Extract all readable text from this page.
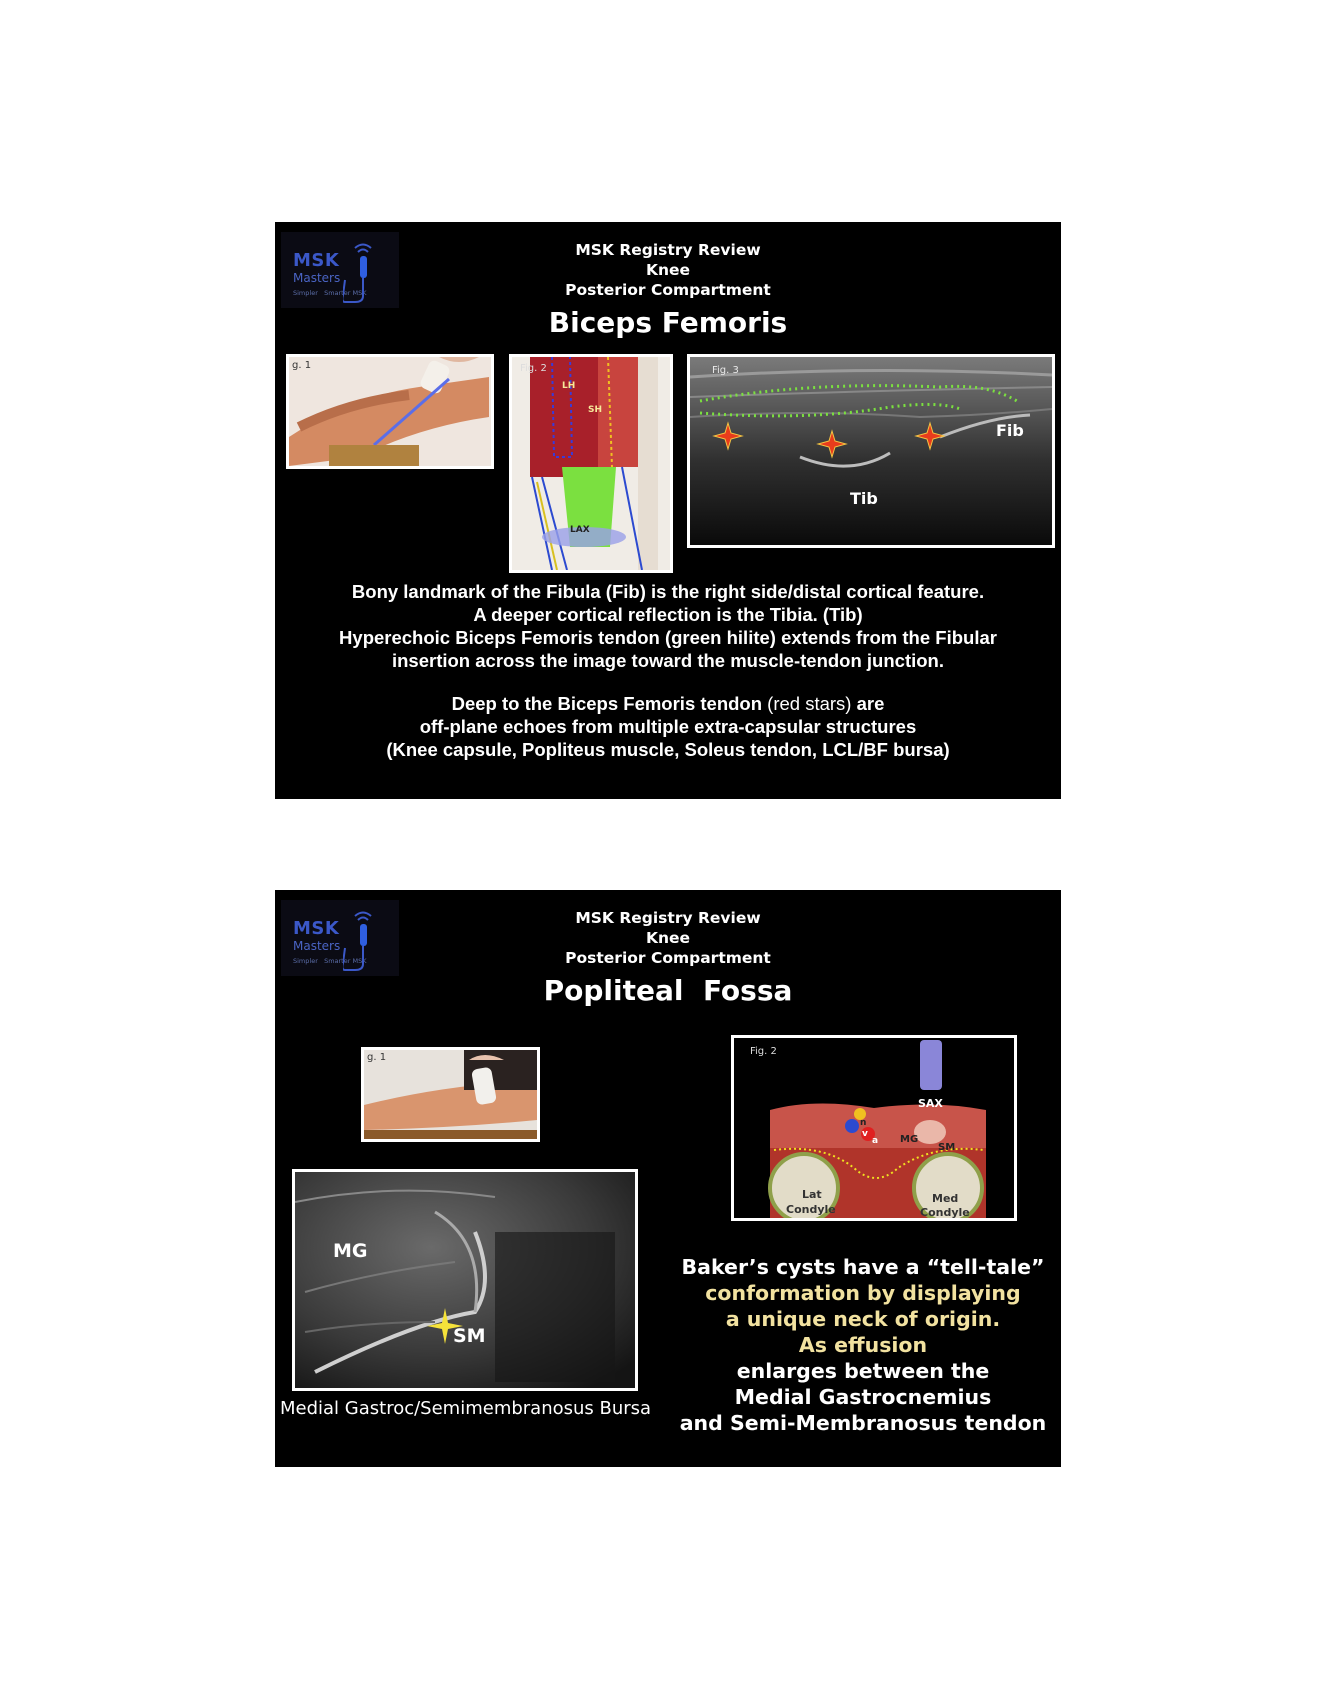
MSK
Masters
Simpler   Smarter MSK
MSK Registry Review
Knee
Posterior Compartment
Biceps Femoris
g. 1	Fig. 2
LH
SH
LAX
Fig. 3
Fib
Tib
Bony landmark of the Fibula (Fib) is the right side/distal cortical feature.
A deeper cortical reflection is the Tibia. (Tib)
Hyperechoic Biceps Femoris tendon (green hilite) extends from the Fibular
insertion across the image toward the muscle-tendon junction.
Deep to the Biceps Femoris tendon (red stars) are
off-plane echoes from multiple extra-capsular structures
(Knee capsule, Popliteus muscle, Soleus tendon, LCL/BF bursa)
MSK
Masters
Simpler   Smarter MSK
MSK Registry Review
Knee
Posterior Compartment
Popliteal  Fossa
g. 1
MG
SM
Medial Gastroc/Semimembranosus Bursa
Fig. 2
SAX
MG
SM
n
v
a
Lat
Condyle
Med
Condyle
Baker’s cysts have a “tell-tale”
conformation by displaying
a unique neck of origin.
As effusion
enlarges between the
Medial Gastrocnemius
and Semi-Membranosus tendon
